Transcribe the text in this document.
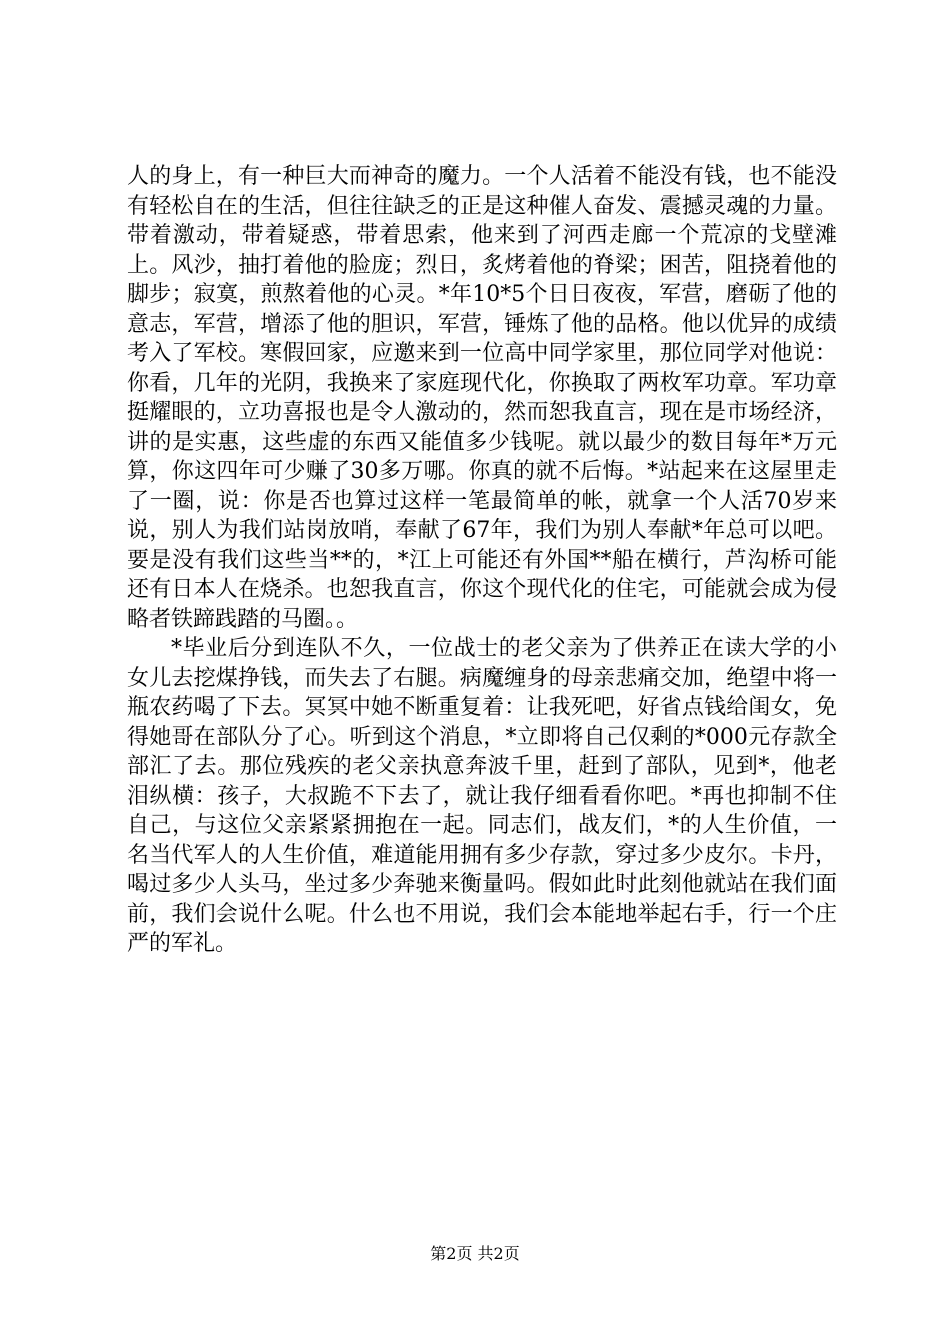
人的身上，有一种巨大而神奇的魔力。一个人活着不能没有钱，也不能没有轻松自在的生活，但往往缺乏的正是这种催人奋发、震撼灵魂的力量。带着激动，带着疑惑，带着思索，他来到了河西走廊一个荒凉的戈壁滩上。风沙，抽打着他的脸庞；烈日，炙烤着他的脊梁；困苦，阻挠着他的脚步；寂寞，煎熬着他的心灵。*年10*5个日日夜夜，军营，磨砺了他的意志，军营，增添了他的胆识，军营，锤炼了他的品格。他以优异的成绩考入了军校。寒假回家，应邀来到一位高中同学家里，那位同学对他说：你看，几年的光阴，我换来了家庭现代化，你换取了两枚军功章。军功章挺耀眼的，立功喜报也是令人激动的，然而恕我直言，现在是市场经济，讲的是实惠，这些虚的东西又能值多少钱呢。就以最少的数目每年*万元算，你这四年可少赚了30多万哪。你真的就不后悔。*站起来在这屋里走了一圈，说：你是否也算过这样一笔最简单的帐，就拿一个人活70岁来说，别人为我们站岗放哨，奉献了67年，我们为别人奉献*年总可以吧。要是没有我们这些当**的，*江上可能还有外国**船在横行，芦沟桥可能还有日本人在烧杀。也恕我直言，你这个现代化的住宅，可能就会成为侵略者铁蹄践踏的马圈。。

*毕业后分到连队不久，一位战士的老父亲为了供养正在读大学的小女儿去挖煤挣钱，而失去了右腿。病魔缠身的母亲悲痛交加，绝望中将一瓶农药喝了下去。冥冥中她不断重复着：让我死吧，好省点钱给闺女，免得她哥在部队分了心。听到这个消息，*立即将自己仅剩的*000元存款全部汇了去。那位残疾的老父亲执意奔波千里，赶到了部队，见到*，他老泪纵横：孩子，大叔跪不下去了，就让我仔细看看你吧。*再也抑制不住自己，与这位父亲紧紧拥抱在一起。同志们，战友们，*的人生价值，一名当代军人的人生价值，难道能用拥有多少存款，穿过多少皮尔。卡丹，喝过多少人头马，坐过多少奔驰来衡量吗。假如此时此刻他就站在我们面前，我们会说什么呢。什么也不用说，我们会本能地举起右手，行一个庄严的军礼。

第2页 共2页
